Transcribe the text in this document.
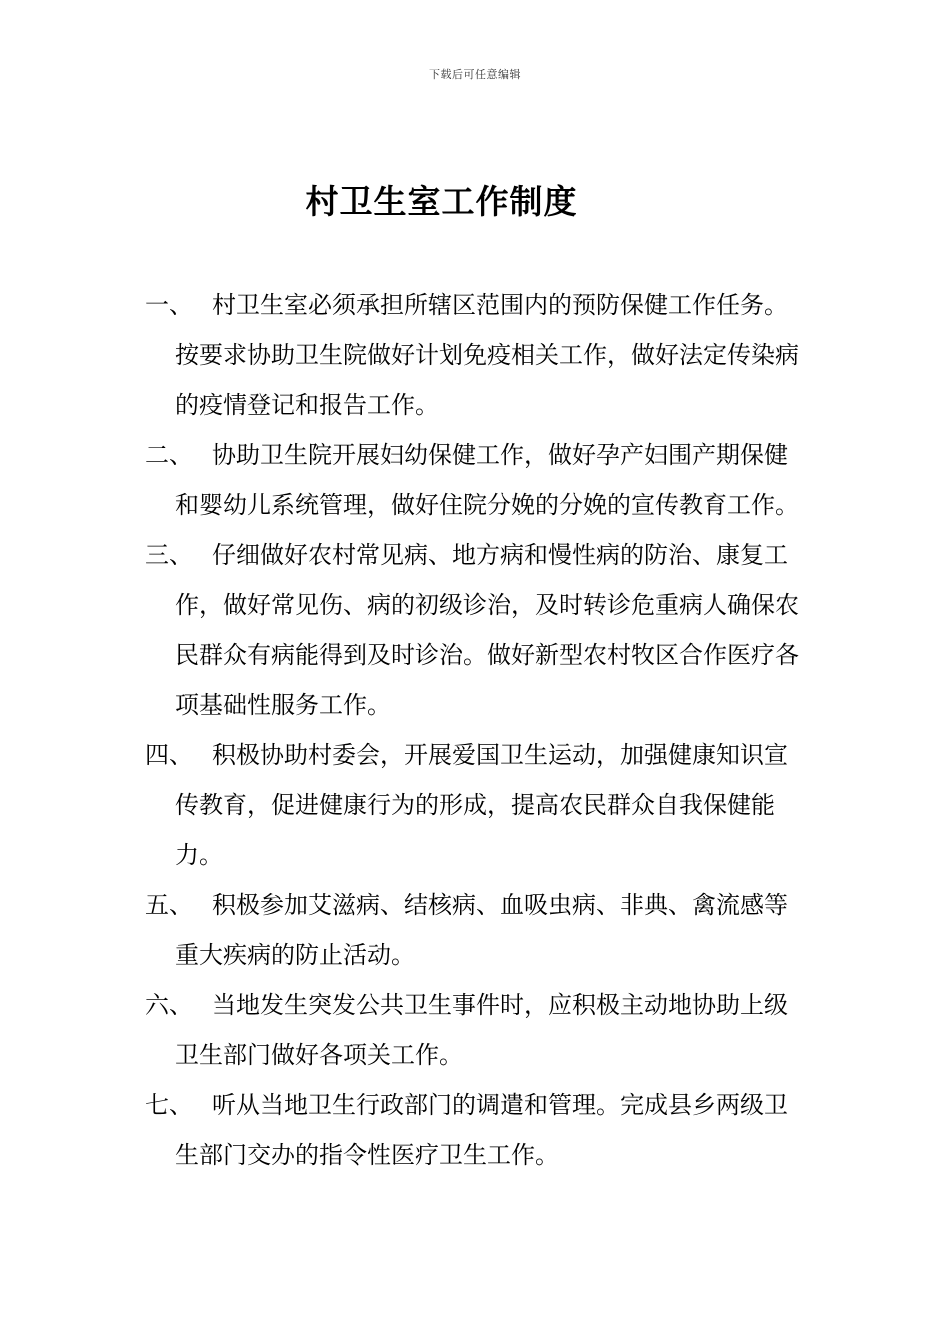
下载后可任意编辑
村卫生室工作制度
一、 村卫生室必须承担所辖区范围内的预防保健工作任务。按要求协助卫生院做好计划免疫相关工作，做好法定传染病的疫情登记和报告工作。
二、 协助卫生院开展妇幼保健工作，做好孕产妇围产期保健和婴幼儿系统管理，做好住院分娩的分娩的宣传教育工作。
三、 仔细做好农村常见病、地方病和慢性病的防治、康复工作，做好常见伤、病的初级诊治，及时转诊危重病人确保农民群众有病能得到及时诊治。做好新型农村牧区合作医疗各项基础性服务工作。
四、 积极协助村委会，开展爱国卫生运动，加强健康知识宣传教育，促进健康行为的形成，提高农民群众自我保健能力。
五、 积极参加艾滋病、结核病、血吸虫病、非典、禽流感等重大疾病的防止活动。
六、 当地发生突发公共卫生事件时，应积极主动地协助上级卫生部门做好各项关工作。
七、 听从当地卫生行政部门的调遣和管理。完成县乡两级卫生部门交办的指令性医疗卫生工作。
